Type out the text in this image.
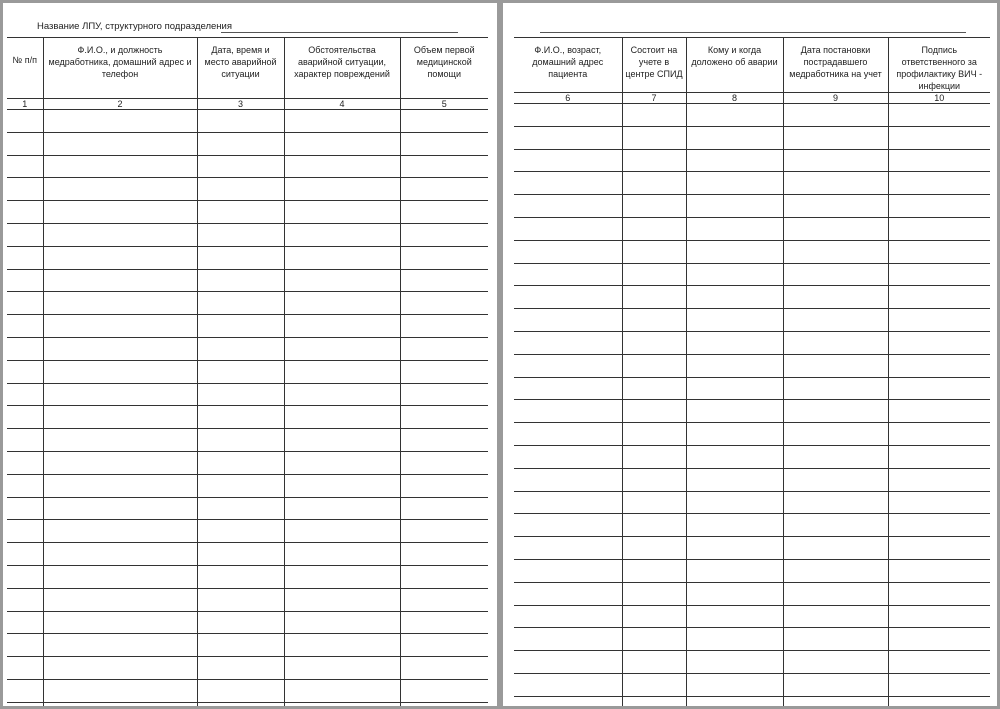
Название ЛПУ, структурного подразделения
№ п/п	Ф.И.О., и должность медработника, домашний адрес и телефон	Дата, время и место аварийной ситуации	Обстоятельства аварийной ситуации, характер повреждений	Объем первой медицинской помощи
1	2	3	4	5

Ф.И.О., возраст, домашний адрес пациента	Состоит на учете в центре СПИД	Кому и когда доложено об аварии	Дата постановки пострадавшего медработника на учет	Подпись ответственного за профилактику ВИЧ - инфекции
6	7	8	9	10
